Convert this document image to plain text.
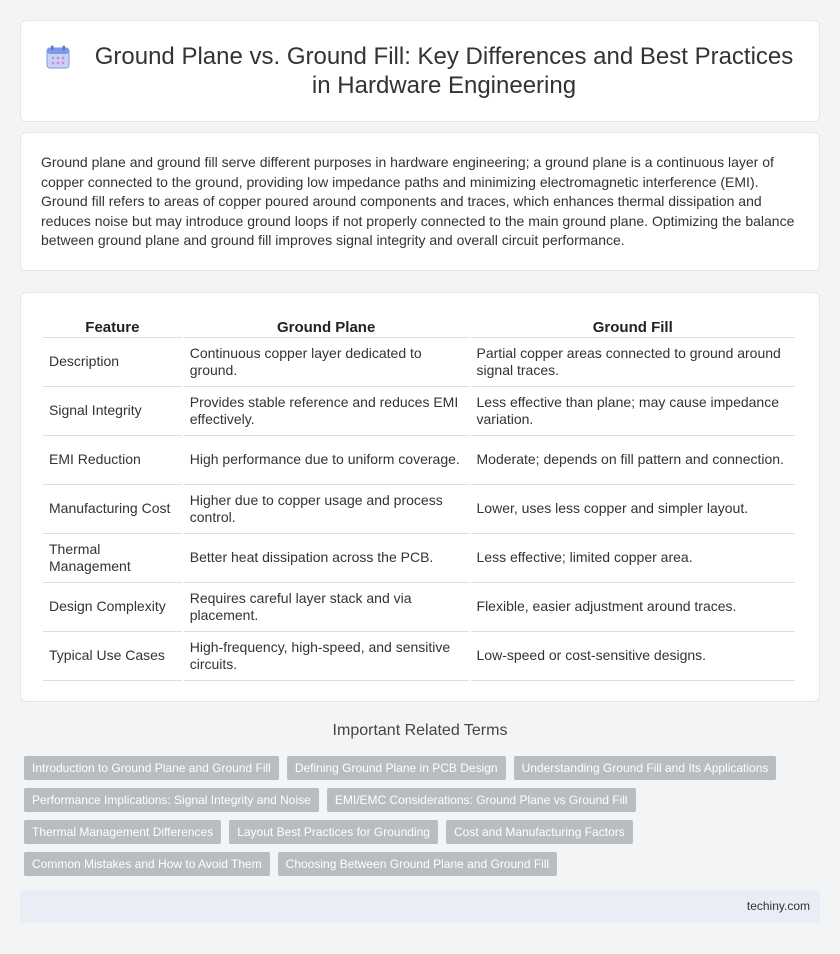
Ground Plane vs. Ground Fill: Key Differences and Best Practices in Hardware Engineering

Ground plane and ground fill serve different purposes in hardware engineering; a ground plane is a continuous layer of copper connected to the ground, providing low impedance paths and minimizing electromagnetic interference (EMI). Ground fill refers to areas of copper poured around components and traces, which enhances thermal dissipation and reduces noise but may introduce ground loops if not properly connected to the main ground plane. Optimizing the balance between ground plane and ground fill improves signal integrity and overall circuit performance.

Feature	Ground Plane	Ground Fill
Description	Continuous copper layer dedicated to ground.	Partial copper areas connected to ground around signal traces.
Signal Integrity	Provides stable reference and reduces EMI effectively.	Less effective than plane; may cause impedance variation.
EMI Reduction	High performance due to uniform coverage.	Moderate; depends on fill pattern and connection.
Manufacturing Cost	Higher due to copper usage and process control.	Lower, uses less copper and simpler layout.
Thermal Management	Better heat dissipation across the PCB.	Less effective; limited copper area.
Design Complexity	Requires careful layer stack and via placement.	Flexible, easier adjustment around traces.
Typical Use Cases	High-frequency, high-speed, and sensitive circuits.	Low-speed or cost-sensitive designs.
Important Related Terms
Introduction to Ground Plane and Ground Fill	Defining Ground Plane in PCB Design	Understanding Ground Fill and Its Applications
Performance Implications: Signal Integrity and Noise	EMI/EMC Considerations: Ground Plane vs Ground Fill
Thermal Management Differences	Layout Best Practices for Grounding	Cost and Manufacturing Factors
Common Mistakes and How to Avoid Them	Choosing Between Ground Plane and Ground Fill
techiny.com
